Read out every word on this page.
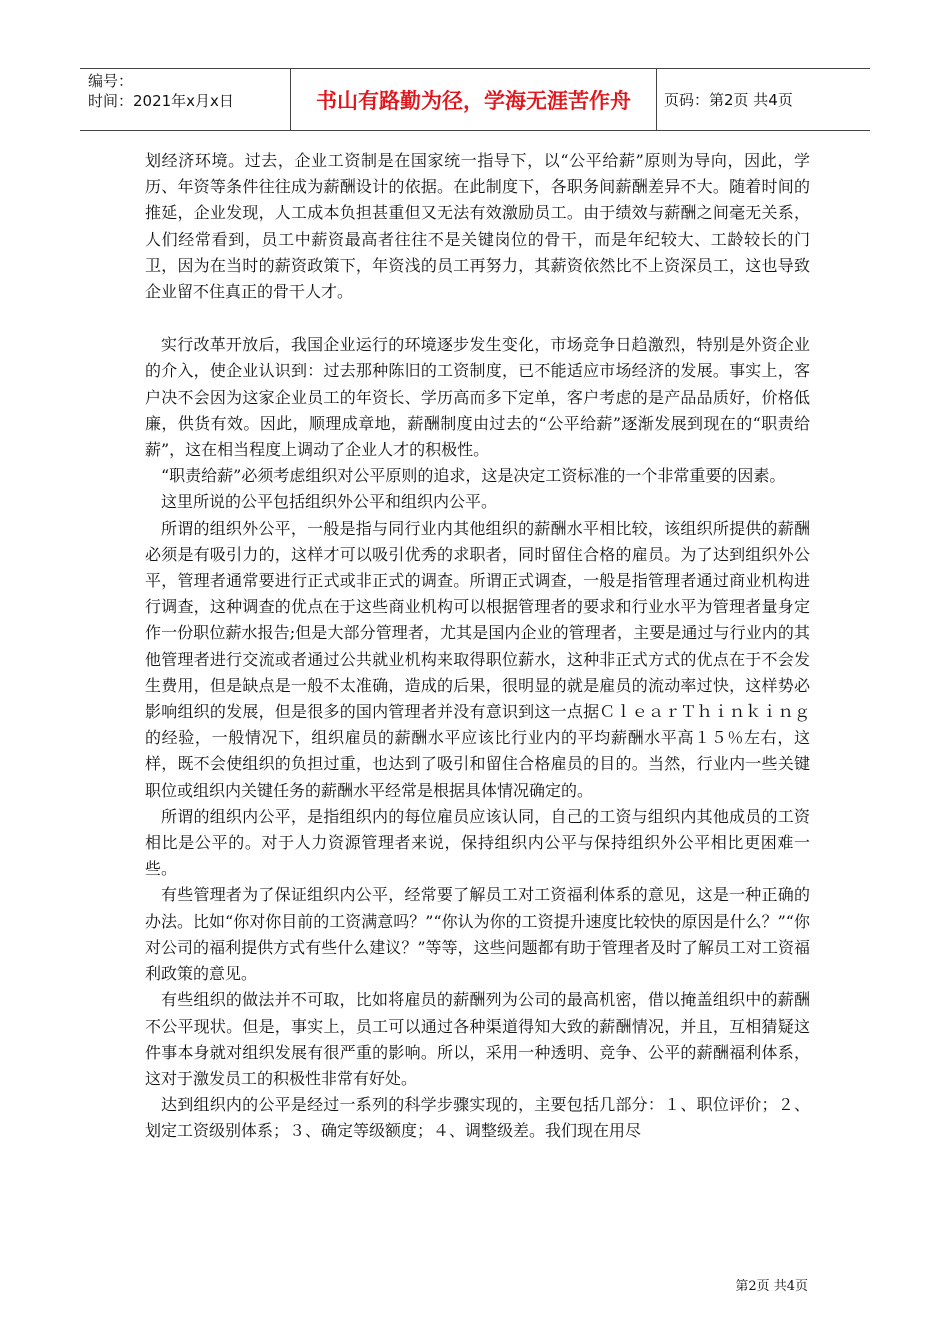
编号：
时间：2021年x月x日	书山有路勤为径，学海无涯苦作舟	页码：第2页 共4页

划经济环境。过去，企业工资制是在国家统一指导下，以“公平给薪”原则为导向，因此，学历、年资等条件往往成为薪酬设计的依据。在此制度下，各职务间薪酬差异不大。随着时间的推延，企业发现，人工成本负担甚重但又无法有效激励员工。由于绩效与薪酬之间毫无关系，人们经常看到，员工中薪资最高者往往不是关键岗位的骨干，而是年纪较大、工龄较长的门卫，因为在当时的薪资政策下，年资浅的员工再努力，其薪资依然比不上资深员工，这也导致企业留不住真正的骨干人才。

实行改革开放后，我国企业运行的环境逐步发生变化，市场竞争日趋激烈，特别是外资企业的介入，使企业认识到：过去那种陈旧的工资制度，已不能适应市场经济的发展。事实上，客户决不会因为这家企业员工的年资长、学历高而多下定单，客户考虑的是产品品质好，价格低廉，供货有效。因此，顺理成章地，薪酬制度由过去的“公平给薪”逐渐发展到现在的“职责给薪”，这在相当程度上调动了企业人才的积极性。

“职责给薪”必须考虑组织对公平原则的追求，这是决定工资标准的一个非常重要的因素。

这里所说的公平包括组织外公平和组织内公平。

所谓的组织外公平，一般是指与同行业内其他组织的薪酬水平相比较，该组织所提供的薪酬必须是有吸引力的，这样才可以吸引优秀的求职者，同时留住合格的雇员。为了达到组织外公平，管理者通常要进行正式或非正式的调查。所谓正式调查，一般是指管理者通过商业机构进行调查，这种调查的优点在于这些商业机构可以根据管理者的要求和行业水平为管理者量身定作一份职位薪水报告;但是大部分管理者，尤其是国内企业的管理者，主要是通过与行业内的其他管理者进行交流或者通过公共就业机构来取得职位薪水，这种非正式方式的优点在于不会发生费用，但是缺点是一般不太准确，造成的后果，很明显的就是雇员的流动率过快，这样势必影响组织的发展，但是很多的国内管理者并没有意识到这一点据ＣｌｅａｒＴｈｉｎｋｉｎｇ的经验，一般情况下，组织雇员的薪酬水平应该比行业内的平均薪酬水平高１５％左右，这样，既不会使组织的负担过重，也达到了吸引和留住合格雇员的目的。当然，行业内一些关键职位或组织内关键任务的薪酬水平经常是根据具体情况确定的。

所谓的组织内公平，是指组织内的每位雇员应该认同，自己的工资与组织内其他成员的工资相比是公平的。对于人力资源管理者来说，保持组织内公平与保持组织外公平相比更困难一些。

有些管理者为了保证组织内公平，经常要了解员工对工资福利体系的意见，这是一种正确的办法。比如“你对你目前的工资满意吗？”“你认为你的工资提升速度比较快的原因是什么？”“你对公司的福利提供方式有些什么建议？”等等，这些问题都有助于管理者及时了解员工对工资福利政策的意见。

有些组织的做法并不可取，比如将雇员的薪酬列为公司的最高机密，借以掩盖组织中的薪酬不公平现状。但是，事实上，员工可以通过各种渠道得知大致的薪酬情况，并且，互相猜疑这件事本身就对组织发展有很严重的影响。所以，采用一种透明、竞争、公平的薪酬福利体系，这对于激发员工的积极性非常有好处。

达到组织内的公平是经过一系列的科学步骤实现的，主要包括几部分：１、职位评价；２、划定工资级别体系；３、确定等级额度；４、调整级差。我们现在用尽

第2页 共4页
